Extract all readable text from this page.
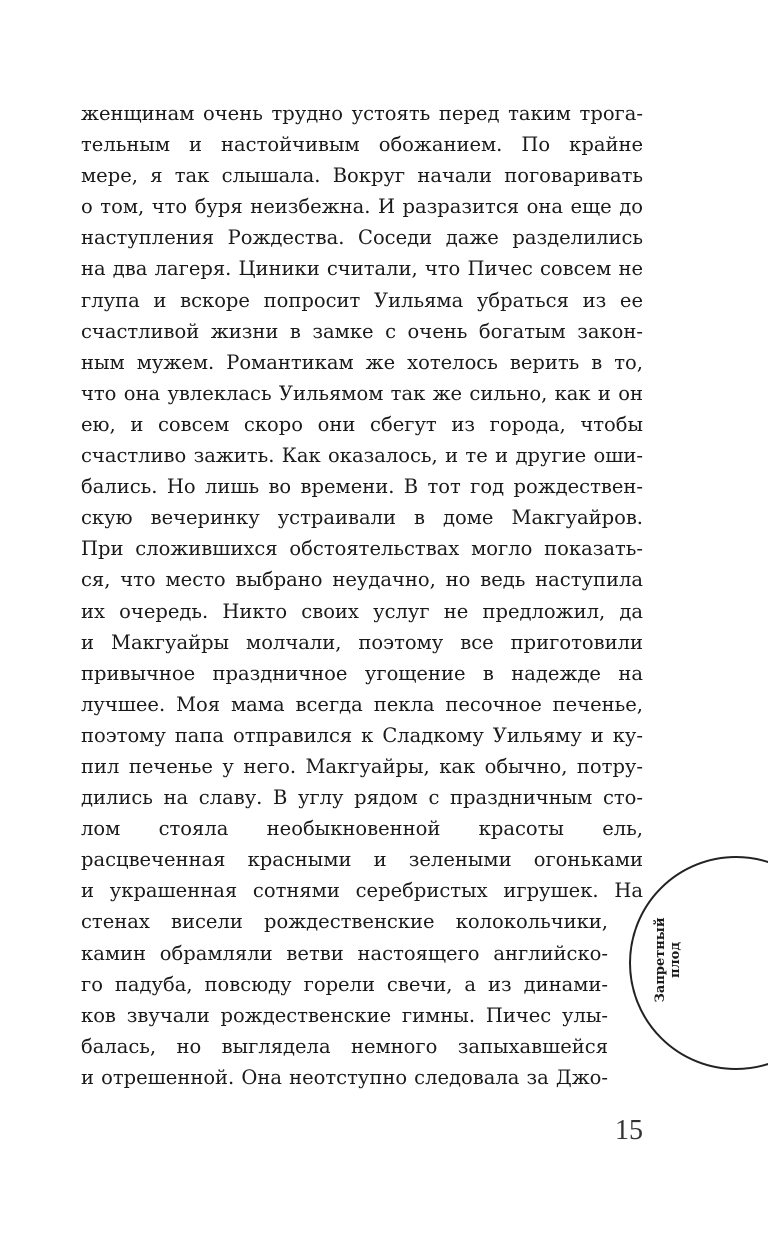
женщинам очень трудно устоять перед таким трога-
тельным и настойчивым обожанием. По крайне
мере, я так слышала. Вокруг начали поговаривать
о том, что буря неизбежна. И разразится она еще до
наступления Рождества. Соседи даже разделились
на два лагеря. Циники считали, что Пичес совсем не
глупа и вскоре попросит Уильяма убраться из ее
счастливой жизни в замке с очень богатым закон-
ным мужем. Романтикам же хотелось верить в то,
что она увлеклась Уильямом так же сильно, как и он
ею, и совсем скоро они сбегут из города, чтобы
счастливо зажить. Как оказалось, и те и другие оши-
бались. Но лишь во времени. В тот год рождествен-
скую вечеринку устраивали в доме Макгуайров.
При сложившихся обстоятельствах могло показать-
ся, что место выбрано неудачно, но ведь наступила
их очередь. Никто своих услуг не предложил, да
и Макгуайры молчали, поэтому все приготовили
привычное праздничное угощение в надежде на
лучшее. Моя мама всегда пекла песочное печенье,
поэтому папа отправился к Сладкому Уильяму и ку-
пил печенье у него. Макгуайры, как обычно, потру-
дились на славу. В углу рядом с праздничным сто-
лом стояла необыкновенной красоты ель,
расцвеченная красными и зелеными огоньками
и украшенная сотнями серебристых игрушек. На
стенах висели рождественские колокольчики,
камин обрамляли ветви настоящего английско-
го падуба, повсюду горели свечи, а из динами-
ков звучали рождественские гимны. Пичес улы-
балась, но выглядела немного запыхавшейся
и отрешенной. Она неотступно следовала за Джо-
Запретный плод
15
